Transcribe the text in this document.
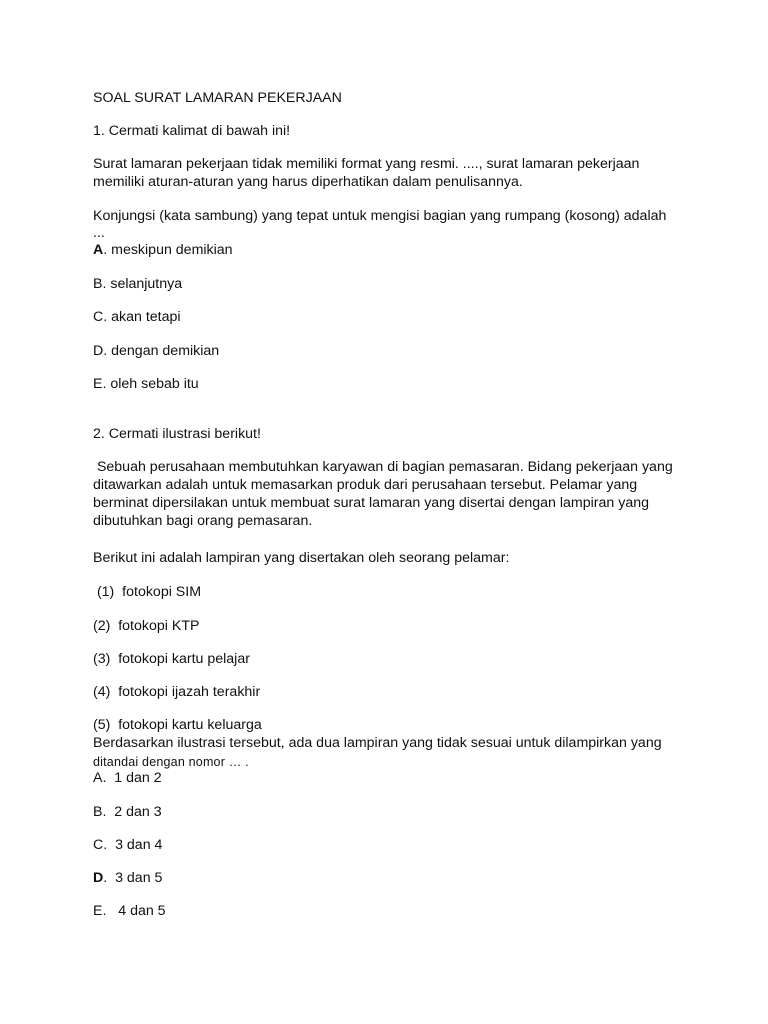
SOAL SURAT LAMARAN PEKERJAAN
1. Cermati kalimat di bawah ini!
Surat lamaran pekerjaan tidak memiliki format yang resmi. ...., surat lamaran pekerjaan
memiliki aturan-aturan yang harus diperhatikan dalam penulisannya.
Konjungsi (kata sambung) yang tepat untuk mengisi bagian yang rumpang (kosong) adalah
...
A. meskipun demikian
B. selanjutnya
C. akan tetapi
D. dengan demikian
E. oleh sebab itu
2. Cermati ilustrasi berikut!
Sebuah perusahaan membutuhkan karyawan di bagian pemasaran. Bidang pekerjaan yang
ditawarkan adalah untuk memasarkan produk dari perusahaan tersebut. Pelamar yang
berminat dipersilakan untuk membuat surat lamaran yang disertai dengan lampiran yang
dibutuhkan bagi orang pemasaran.
Berikut ini adalah lampiran yang disertakan oleh seorang pelamar:
(1)  fotokopi SIM
(2)  fotokopi KTP
(3)  fotokopi kartu pelajar
(4)  fotokopi ijazah terakhir
(5)  fotokopi kartu keluarga
Berdasarkan ilustrasi tersebut, ada dua lampiran yang tidak sesuai untuk dilampirkan yang
ditandai dengan nomor … .
A.  1 dan 2
B.  2 dan 3
C.  3 dan 4
D.  3 dan 5
E.   4 dan 5
